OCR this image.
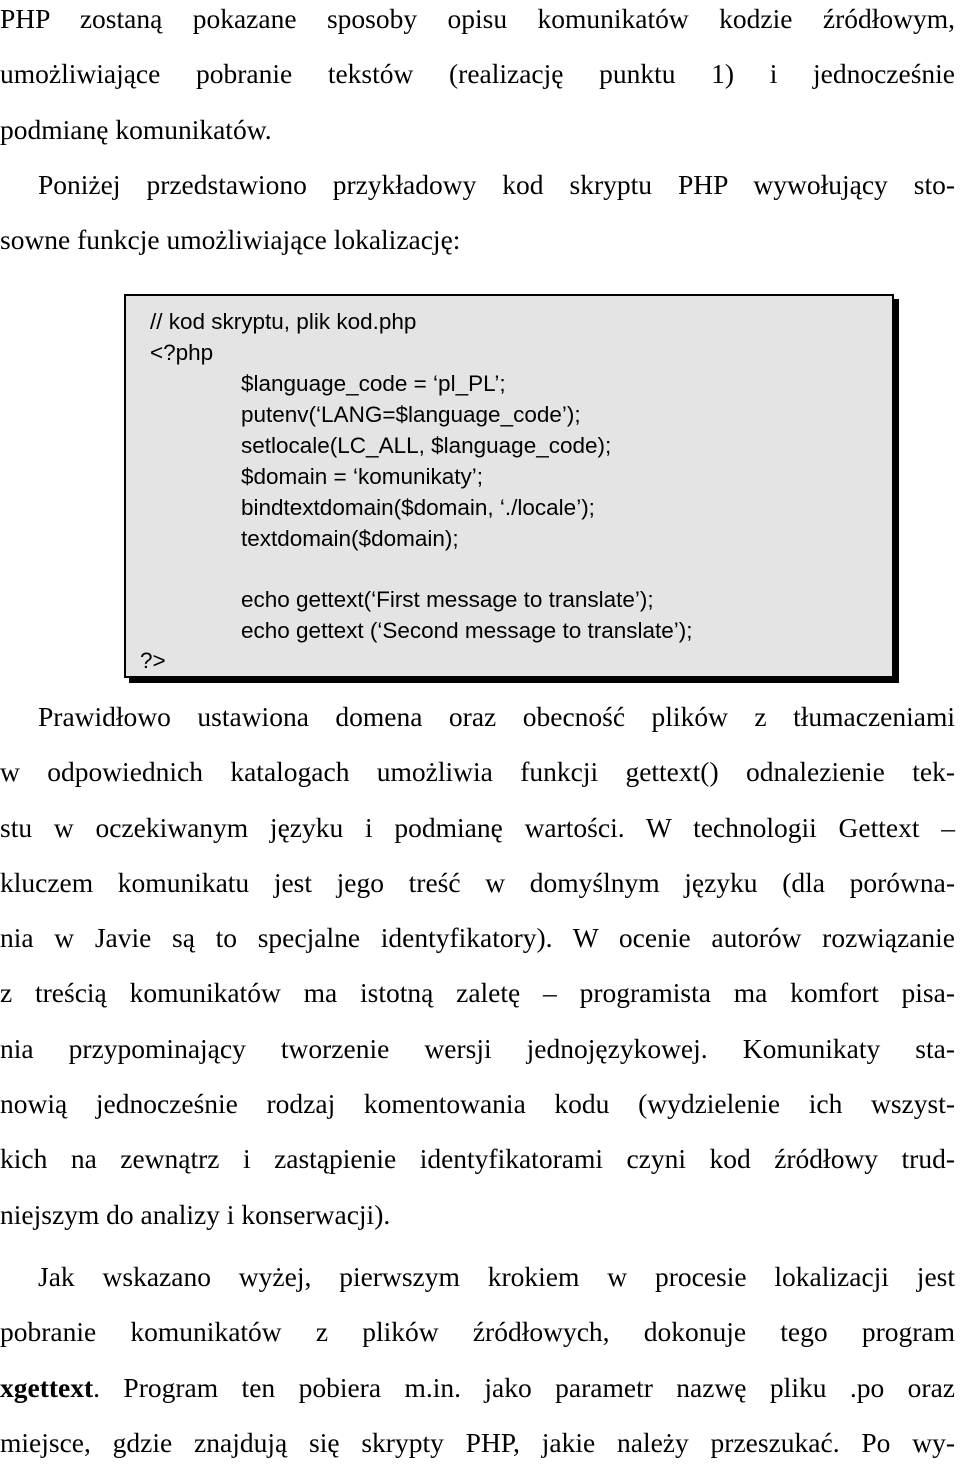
PHP zostaną pokazane sposoby opisu komunikatów kodzie źródłowym,
umożliwiające pobranie tekstów (realizację punktu 1) i jednocześnie
podmianę komunikatów.
Poniżej przedstawiono przykładowy kod skryptu PHP wywołujący sto-
sowne funkcje umożliwiające lokalizację:
// kod skryptu, plik kod.php
<?php
$language_code = ‘pl_PL’;
putenv(‘LANG=$language_code’);
setlocale(LC_ALL, $language_code);
$domain = ‘komunikaty’;
bindtextdomain($domain, ‘./locale’);
textdomain($domain);
echo gettext(‘First message to translate’);
echo gettext (‘Second message to translate’);
?>
Prawidłowo ustawiona domena oraz obecność plików z tłumaczeniami
w odpowiednich katalogach umożliwia funkcji gettext() odnalezienie tek-
stu w oczekiwanym języku i podmianę wartości. W technologii Gettext –
kluczem komunikatu jest jego treść w domyślnym języku (dla porówna-
nia w Javie są to specjalne identyfikatory). W ocenie autorów rozwiązanie
z treścią komunikatów ma istotną zaletę – programista ma komfort pisa-
nia przypominający tworzenie wersji jednojęzykowej. Komunikaty sta-
nowią jednocześnie rodzaj komentowania kodu (wydzielenie ich wszyst-
kich na zewnątrz i zastąpienie identyfikatorami czyni kod źródłowy trud-
niejszym do analizy i konserwacji).
Jak wskazano wyżej, pierwszym krokiem w procesie lokalizacji jest
pobranie komunikatów z plików źródłowych, dokonuje tego program
xgettext. Program ten pobiera m.in. jako parametr nazwę pliku .po oraz
miejsce, gdzie znajdują się skrypty PHP, jakie należy przeszukać. Po wy-
